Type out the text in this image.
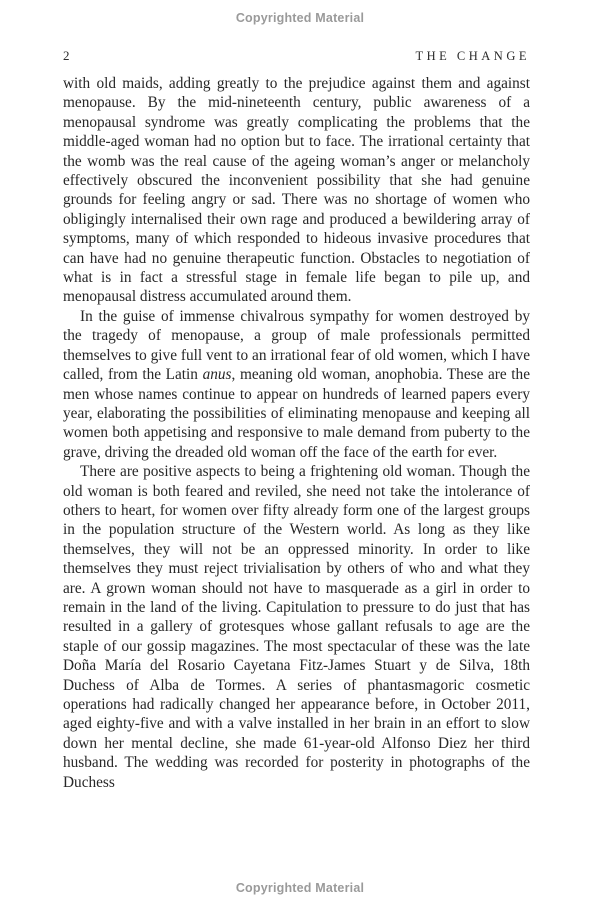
Copyrighted Material
2	THE CHANGE

with old maids, adding greatly to the prejudice against them and against menopause. By the mid-nineteenth century, public awareness of a menopausal syndrome was greatly complicating the problems that the middle-aged woman had no option but to face. The irrational certainty that the womb was the real cause of the ageing woman’s anger or melancholy effectively obscured the inconvenient possibility that she had genuine grounds for feeling angry or sad. There was no shortage of women who obligingly internalised their own rage and produced a bewildering array of symptoms, many of which responded to hideous invasive procedures that can have had no genuine therapeutic function. Obstacles to negotiation of what is in fact a stressful stage in female life began to pile up, and menopausal distress accumulated around them.

In the guise of immense chivalrous sympathy for women destroyed by the tragedy of menopause, a group of male professionals permitted themselves to give full vent to an irrational fear of old women, which I have called, from the Latin anus, meaning old woman, anophobia. These are the men whose names continue to appear on hundreds of learned papers every year, elaborating the possibilities of eliminating menopause and keeping all women both appetising and responsive to male demand from puberty to the grave, driving the dreaded old woman off the face of the earth for ever.

There are positive aspects to being a frightening old woman. Though the old woman is both feared and reviled, she need not take the intolerance of others to heart, for women over fifty already form one of the largest groups in the population structure of the Western world. As long as they like themselves, they will not be an oppressed minority. In order to like themselves they must reject trivialisation by others of who and what they are. A grown woman should not have to masquerade as a girl in order to remain in the land of the living. Capitulation to pressure to do just that has resulted in a gallery of grotesques whose gallant refusals to age are the staple of our gossip magazines. The most spectacular of these was the late Doña María del Rosario Cayetana Fitz-James Stuart y de Silva, 18th Duchess of Alba de Tormes. A series of phantasmagoric cosmetic operations had radically changed her appearance before, in October 2011, aged eighty-five and with a valve installed in her brain in an effort to slow down her mental decline, she made 61-year-old Alfonso Diez her third husband. The wedding was recorded for posterity in photographs of the Duchess

Copyrighted Material
